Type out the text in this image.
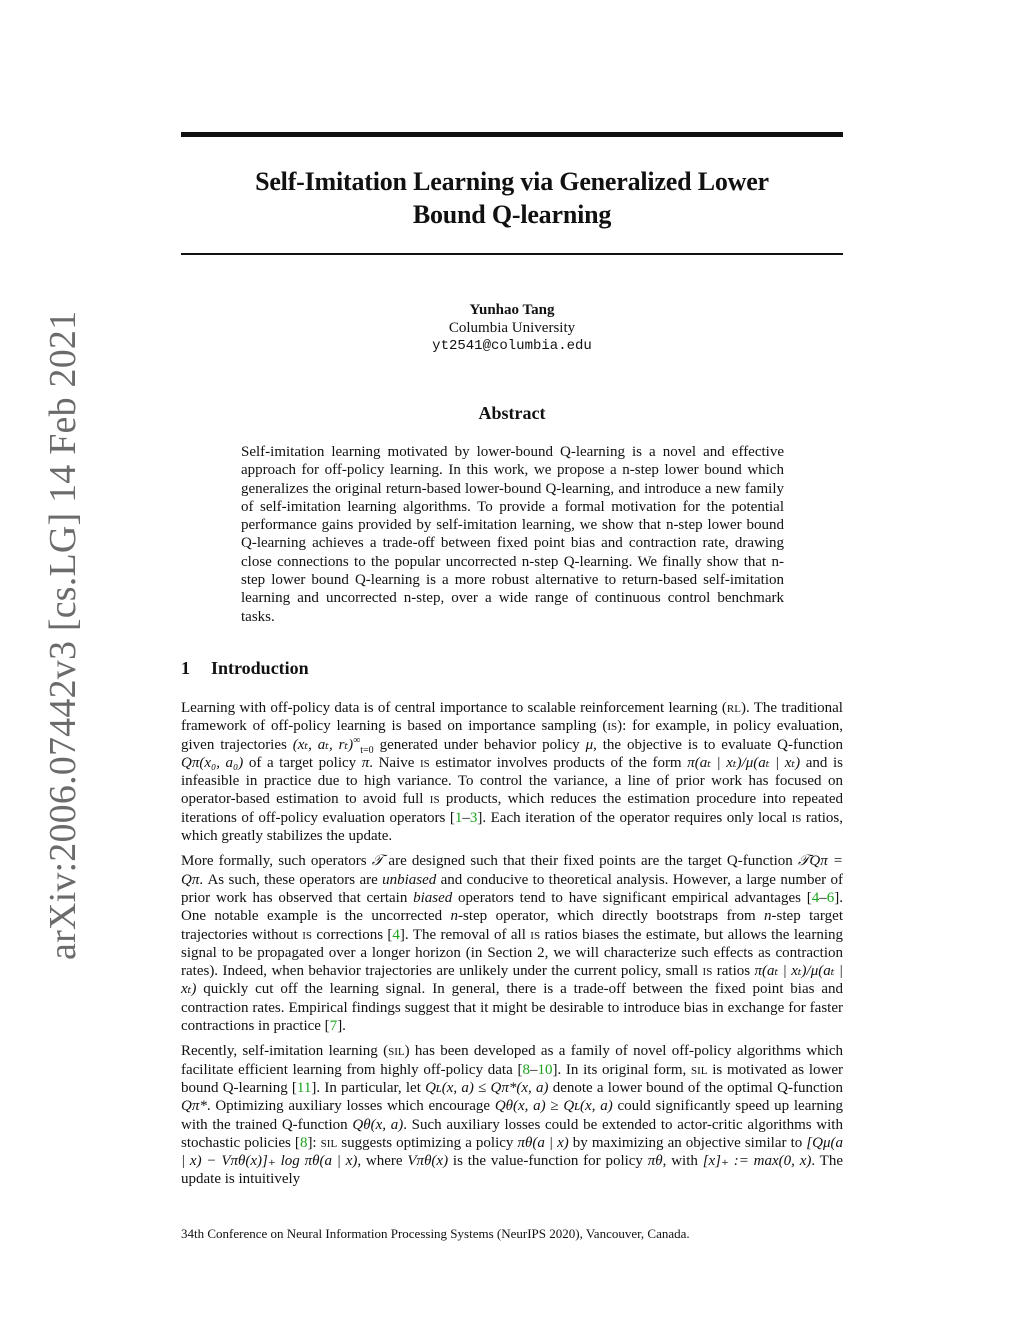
arXiv:2006.07442v3 [cs.LG] 14 Feb 2021
Self-Imitation Learning via Generalized Lower
Bound Q-learning
Yunhao Tang
Columbia University
yt2541@columbia.edu
Abstract
Self-imitation learning motivated by lower-bound Q-learning is a novel and effective approach for off-policy learning. In this work, we propose a n-step lower bound which generalizes the original return-based lower-bound Q-learning, and introduce a new family of self-imitation learning algorithms. To provide a formal motivation for the potential performance gains provided by self-imitation learning, we show that n-step lower bound Q-learning achieves a trade-off between fixed point bias and contraction rate, drawing close connections to the popular uncorrected n-step Q-learning. We finally show that n-step lower bound Q-learning is a more robust alternative to return-based self-imitation learning and uncorrected n-step, over a wide range of continuous control benchmark tasks.
1 Introduction

Learning with off-policy data is of central importance to scalable reinforcement learning (rl). The traditional framework of off-policy learning is based on importance sampling (is): for example, in policy evaluation, given trajectories (xₜ, aₜ, $r_t)^\infty_{t=0}$ generated under behavior policy μ, the objective is to evaluate Q-function Qπ(x₀, a₀) of a target policy π. Naive is estimator involves products of the form π(aₜ | xₜ)/μ(aₜ | xₜ) and is infeasible in practice due to high variance. To control the variance, a line of prior work has focused on operator-based estimation to avoid full is products, which reduces the estimation procedure into repeated iterations of off-policy evaluation operators [1–3]. Each iteration of the operator requires only local is ratios, which greatly stabilizes the update.

More formally, such operators 𝒯 are designed such that their fixed points are the target Q-function 𝒯Qπ = Qπ. As such, these operators are unbiased and conducive to theoretical analysis. However, a large number of prior work has observed that certain biased operators tend to have significant empirical advantages [4–6]. One notable example is the uncorrected n-step operator, which directly bootstraps from n-step target trajectories without is corrections [4]. The removal of all is ratios biases the estimate, but allows the learning signal to be propagated over a longer horizon (in Section 2, we will characterize such effects as contraction rates). Indeed, when behavior trajectories are unlikely under the current policy, small is ratios π(aₜ | xₜ)/μ(aₜ | xₜ) quickly cut off the learning signal. In general, there is a trade-off between the fixed point bias and contraction rates. Empirical findings suggest that it might be desirable to introduce bias in exchange for faster contractions in practice [7].

Recently, self-imitation learning (sil) has been developed as a family of novel off-policy algorithms which facilitate efficient learning from highly off-policy data [8–10]. In its original form, sil is motivated as lower bound Q-learning [11]. In particular, let Qʟ(x, a) ≤ Qπ*(x, a) denote a lower bound of the optimal Q-function Qπ*. Optimizing auxiliary losses which encourage Qθ(x, a) ≥ Qʟ(x, a) could significantly speed up learning with the trained Q-function Qθ(x, a). Such auxiliary losses could be extended to actor-critic algorithms with stochastic policies [8]: sil suggests optimizing a policy πθ(a | x) by maximizing an objective similar to [Qμ(a | x) − Vπθ(x)]₊ log πθ(a | x), where Vπθ(x) is the value-function for policy πθ, with [x]₊ := max(0, x). The update is intuitively

34th Conference on Neural Information Processing Systems (NeurIPS 2020), Vancouver, Canada.
